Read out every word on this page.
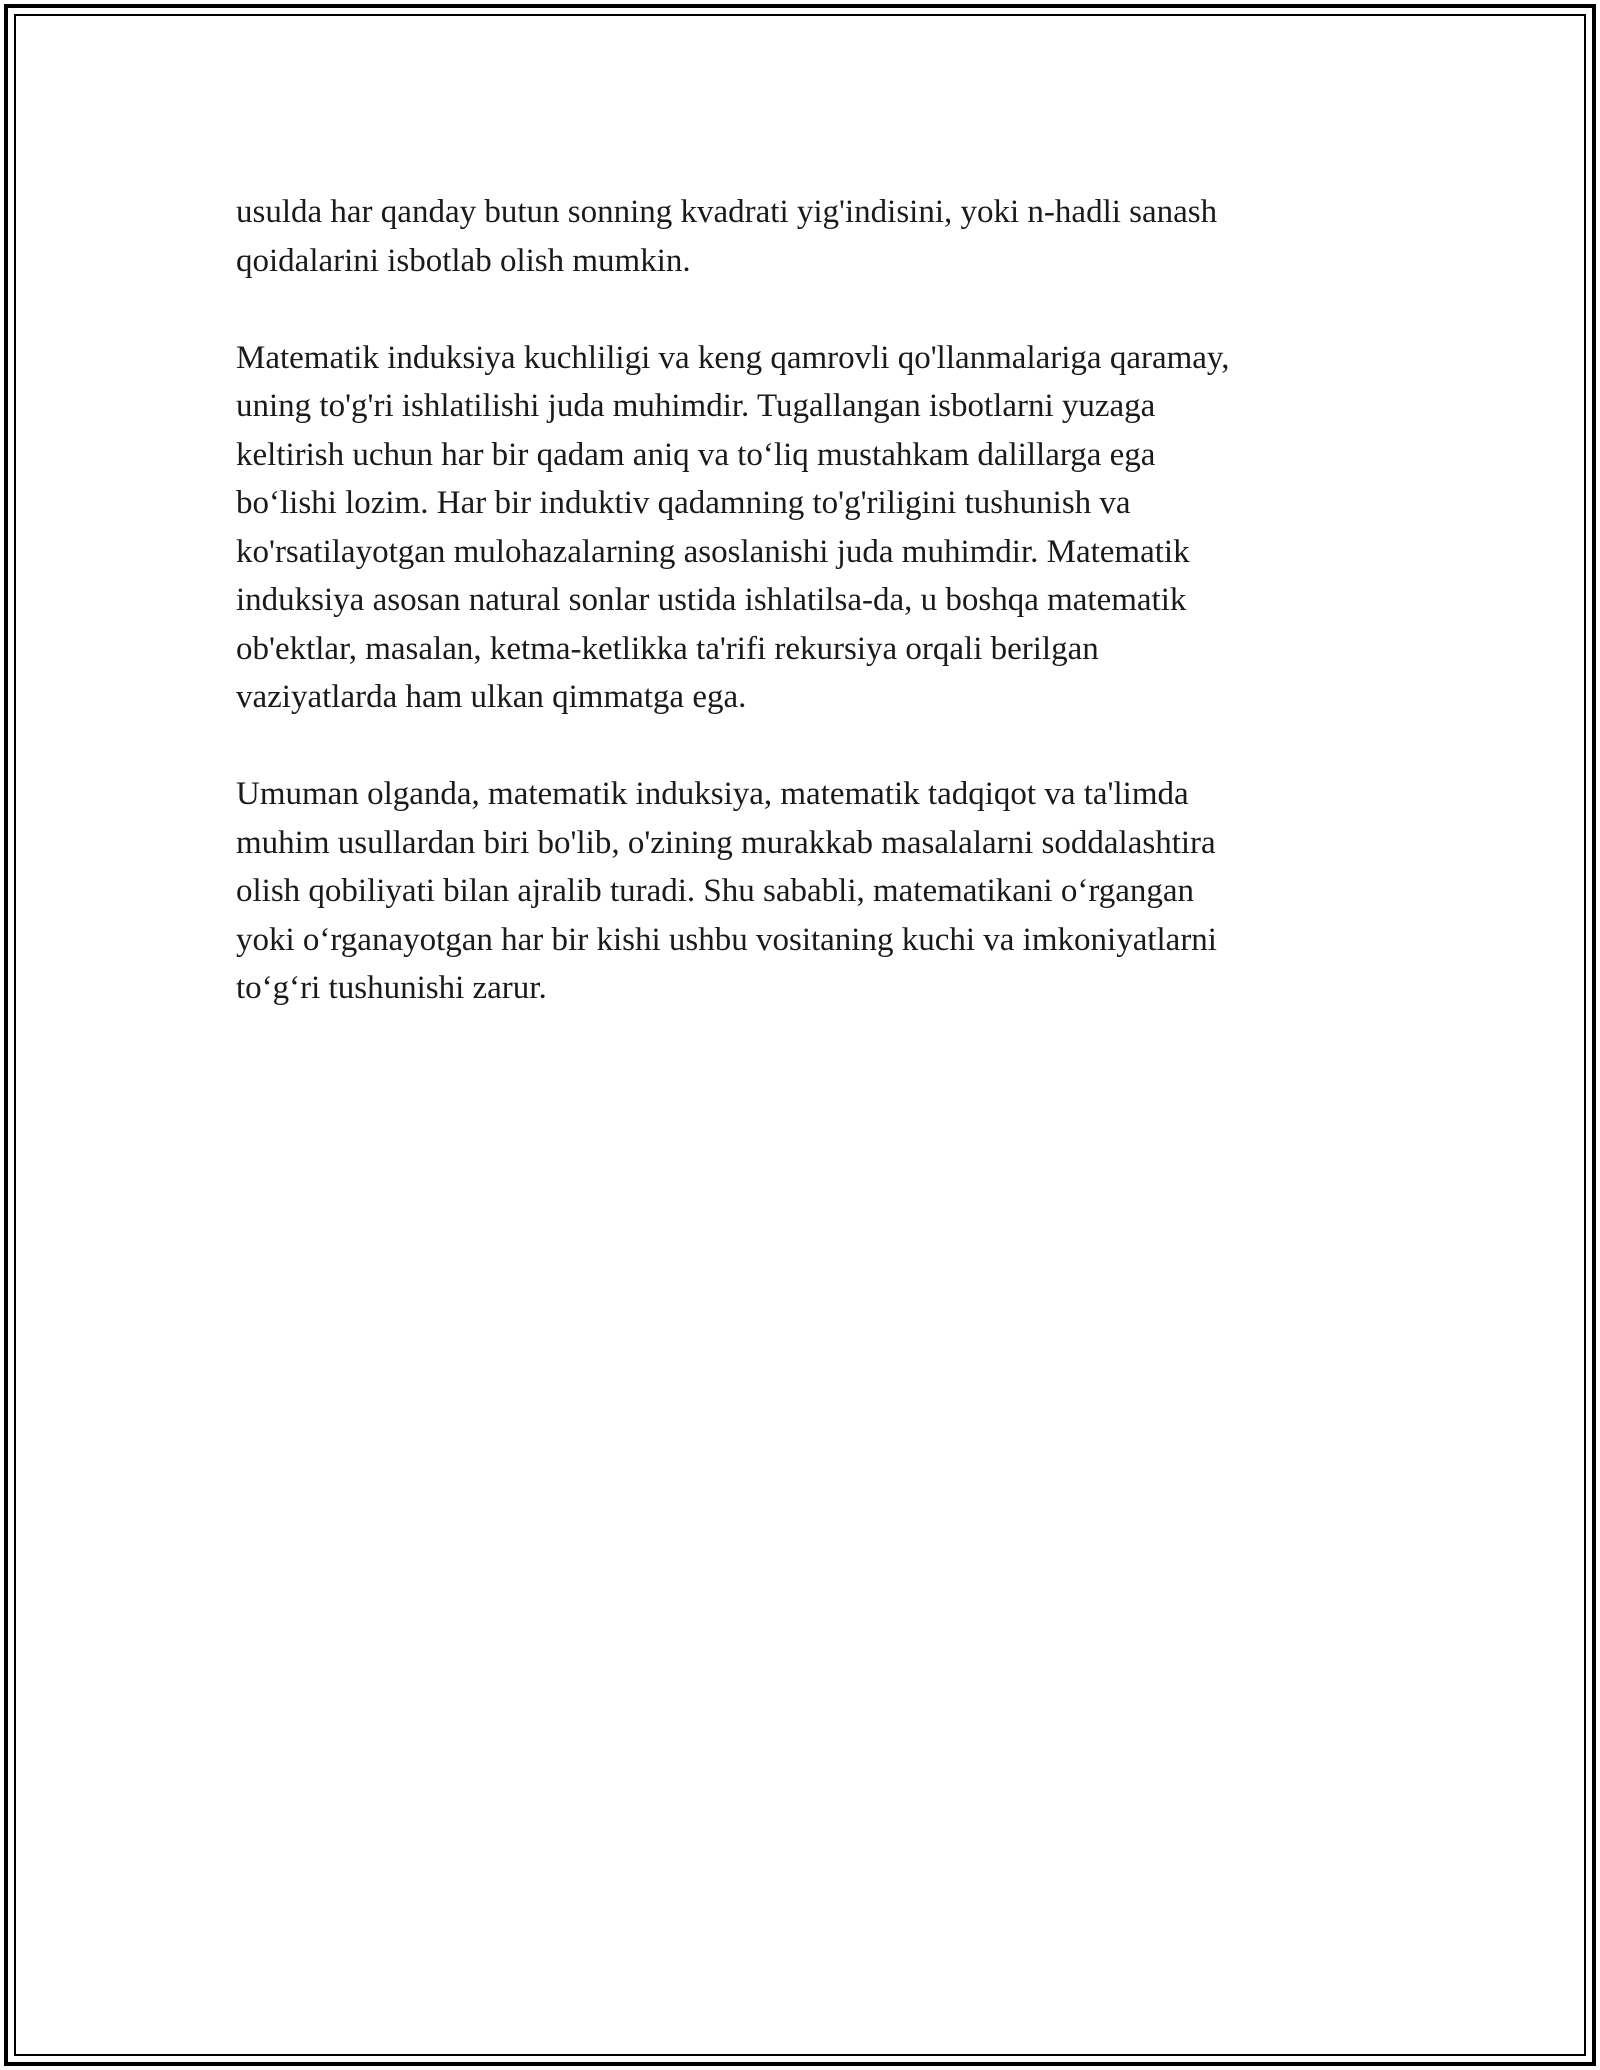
usulda har qanday butun sonning kvadrati yig'indisini, yoki n-hadli sanash
qoidalarini isbotlab olish mumkin.

Matematik induksiya kuchliligi va keng qamrovli qo'llanmalariga qaramay,
uning to'g'ri ishlatilishi juda muhimdir. Tugallangan isbotlarni yuzaga
keltirish uchun har bir qadam aniq va to‘liq mustahkam dalillarga ega
bo‘lishi lozim. Har bir induktiv qadamning to'g'riligini tushunish va
ko'rsatilayotgan mulohazalarning asoslanishi juda muhimdir. Matematik
induksiya asosan natural sonlar ustida ishlatilsa-da, u boshqa matematik
ob'ektlar, masalan, ketma-ketlikka ta'rifi rekursiya orqali berilgan
vaziyatlarda ham ulkan qimmatga ega.

Umuman olganda, matematik induksiya, matematik tadqiqot va ta'limda
muhim usullardan biri bo'lib, o'zining murakkab masalalarni soddalashtira
olish qobiliyati bilan ajralib turadi. Shu sababli, matematikani o‘rgangan
yoki o‘rganayotgan har bir kishi ushbu vositaning kuchi va imkoniyatlarni
to‘g‘ri tushunishi zarur.
